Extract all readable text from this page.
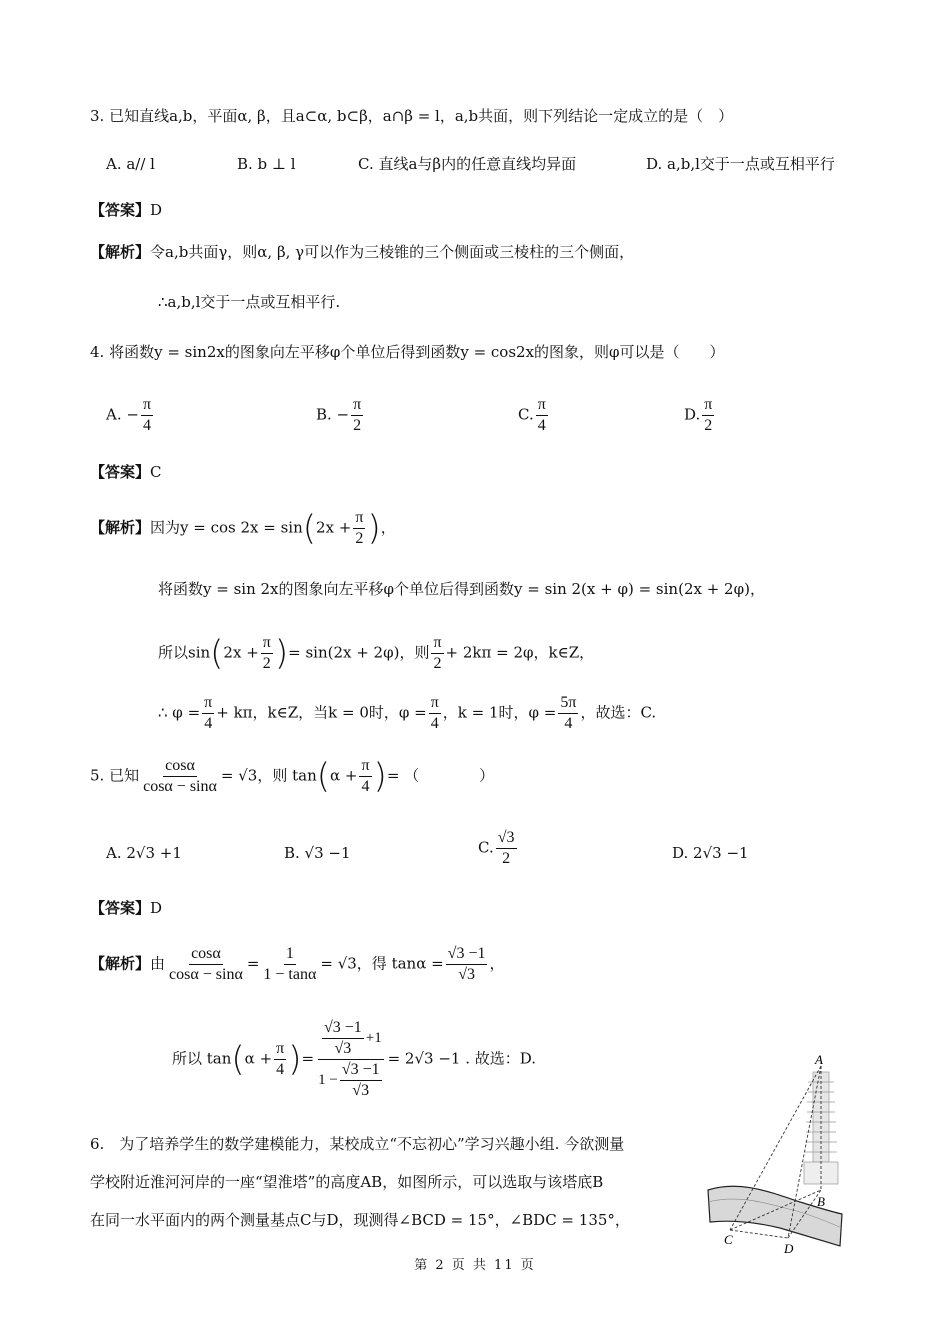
3. 已知直线a,b，平面α, β，且a⊂α, b⊂β，a∩β = l，a,b共面，则下列结论一定成立的是（　）
A. a// l	B. b ⊥ l	C. 直线a与β内的任意直线均异面	D. a,b,l交于一点或互相平行
【答案】D
【解析】令a,b共面γ，则α, β, γ可以作为三棱锥的三个侧面或三棱柱的三个侧面，
∴a,b,l交于一点或互相平行.
4. 将函数y = sin2x的图象向左平移φ个单位后得到函数y = cos2x的图象，则φ可以是（　　）
A. − $\frac{\pi}{4}$	B. − $\frac{\pi}{2}$	C. $\frac{\pi}{4}$	D. $\frac{\pi}{2}$
【答案】C
【解析】因为$y = \cos 2x = \sin(2x + \frac{\pi}{2}$ )，
将函数y = sin 2x的图象向左平移φ个单位后得到函数y = sin 2(x + φ) = sin(2x + 2φ)，
所以$\sin(2x + \frac{\pi}{2}$ )= sin(2x + 2φ)，则 $\frac{\pi}{2} + 2k\pi = 2\varphi$，k∈Z，
∴ $\varphi = \frac{\pi}{4} + k\pi$，k∈Z，当k = 0时，$\varphi = \frac{\pi}{4}$ ，k = 1时，$\varphi = \frac{5\pi}{4}$ ，故选：C.
5. 已知 $\frac{\cos\alpha}{\cos\alpha - \sin\alpha} = √3$，则 $\tan(\alpha + \frac{\pi}{4}$ )= （　　　　）
A. 2√3 +1	B. √3 −1	C. $\frac{√3}{2}$	D. 2√3 −1
【答案】D
【解析】由 $\frac{\cos\alpha}{\cos\alpha - \sin\alpha} = \frac{1}{1 - \tan\alpha} = √3$，得 $\tan\alpha = \frac{√3 -1}{√3}$ ，
所以 $\tan(\alpha + \frac{\pi}{4}$ )= $\frac{\frac{√3 -1}{√3} +1}{1 - \frac{√3 -1}{√3}} = 2√3 -1$ . 故选：D.
6.　为了培养学生的数学建模能力，某校成立“不忘初心”学习兴趣小组. 今欲测量
学校附近淮河河岸的一座“望淮塔”的高度AB，如图所示，可以选取与该塔底B
在同一水平面内的两个测量基点C与D，现测得∠BCD = 15°，∠BDC = 135°，
A
B
C
D
第 2 页 共 11 页
